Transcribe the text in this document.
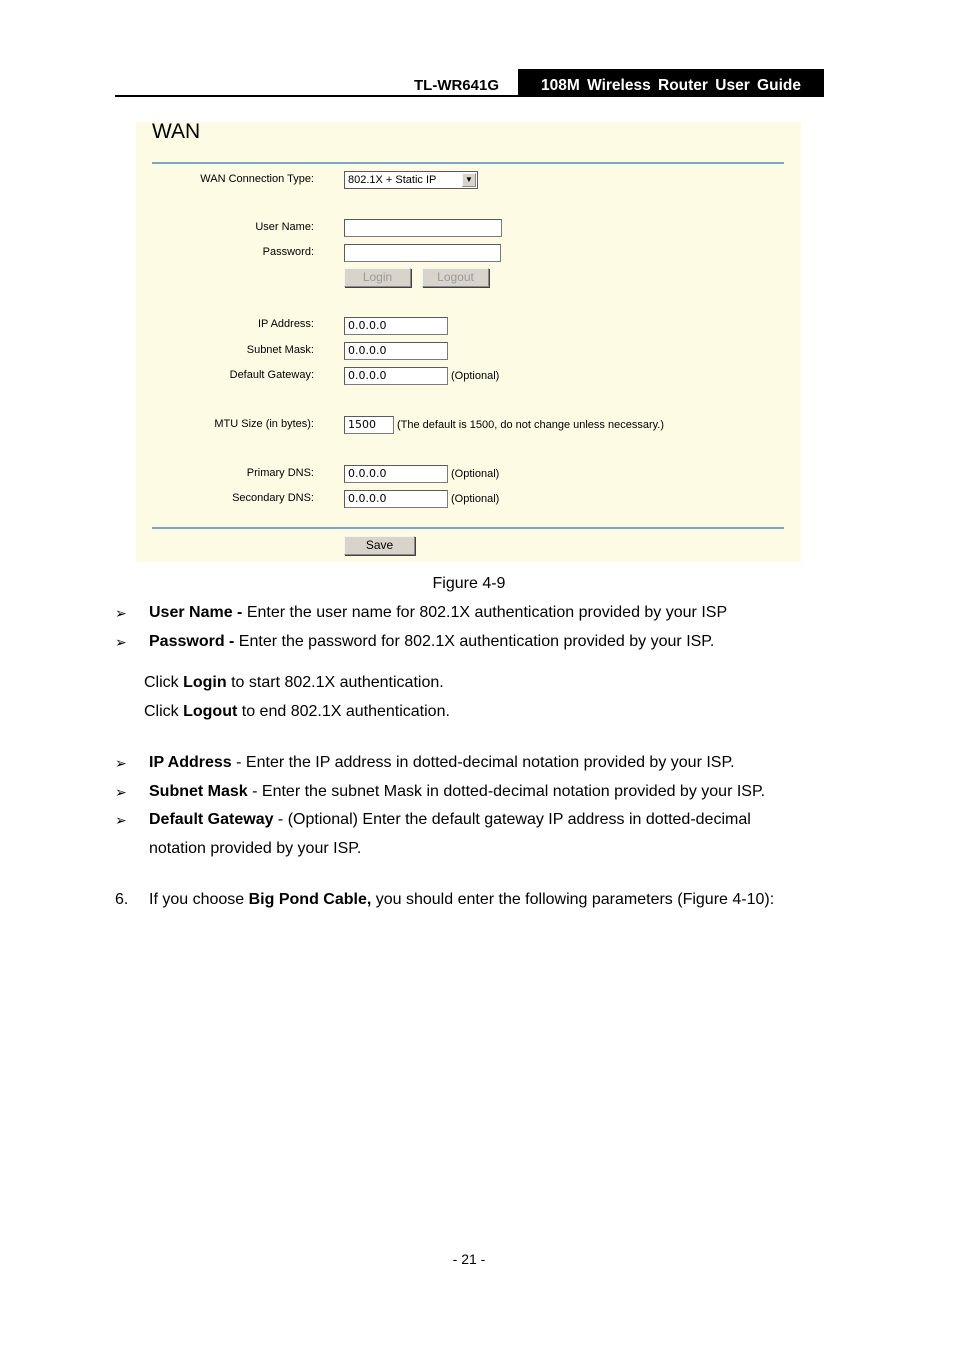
TL-WR641G	108M Wireless Router User Guide
WAN
WAN Connection Type:	802.1X + Static IP	▼
User Name:
Password:
Login	Logout
IP Address:	0.0.0.0
Subnet Mask:	0.0.0.0
Default Gateway:	0.0.0.0	(Optional)
MTU Size (in bytes):	1500	(The default is 1500, do not change unless necessary.)
Primary DNS:	0.0.0.0	(Optional)
Secondary DNS:	0.0.0.0	(Optional)
Save
Figure 4-9
➢ User Name - Enter the user name for 802.1X authentication provided by your ISP
➢ Password - Enter the password for 802.1X authentication provided by your ISP.
Click Login to start 802.1X authentication.
Click Logout to end 802.1X authentication.
➢ IP Address - Enter the IP address in dotted-decimal notation provided by your ISP.
➢ Subnet Mask - Enter the subnet Mask in dotted-decimal notation provided by your ISP.
➢ Default Gateway - (Optional) Enter the default gateway IP address in dotted-decimal
notation provided by your ISP.
6. If you choose Big Pond Cable, you should enter the following parameters (Figure 4-10):
- 21 -
